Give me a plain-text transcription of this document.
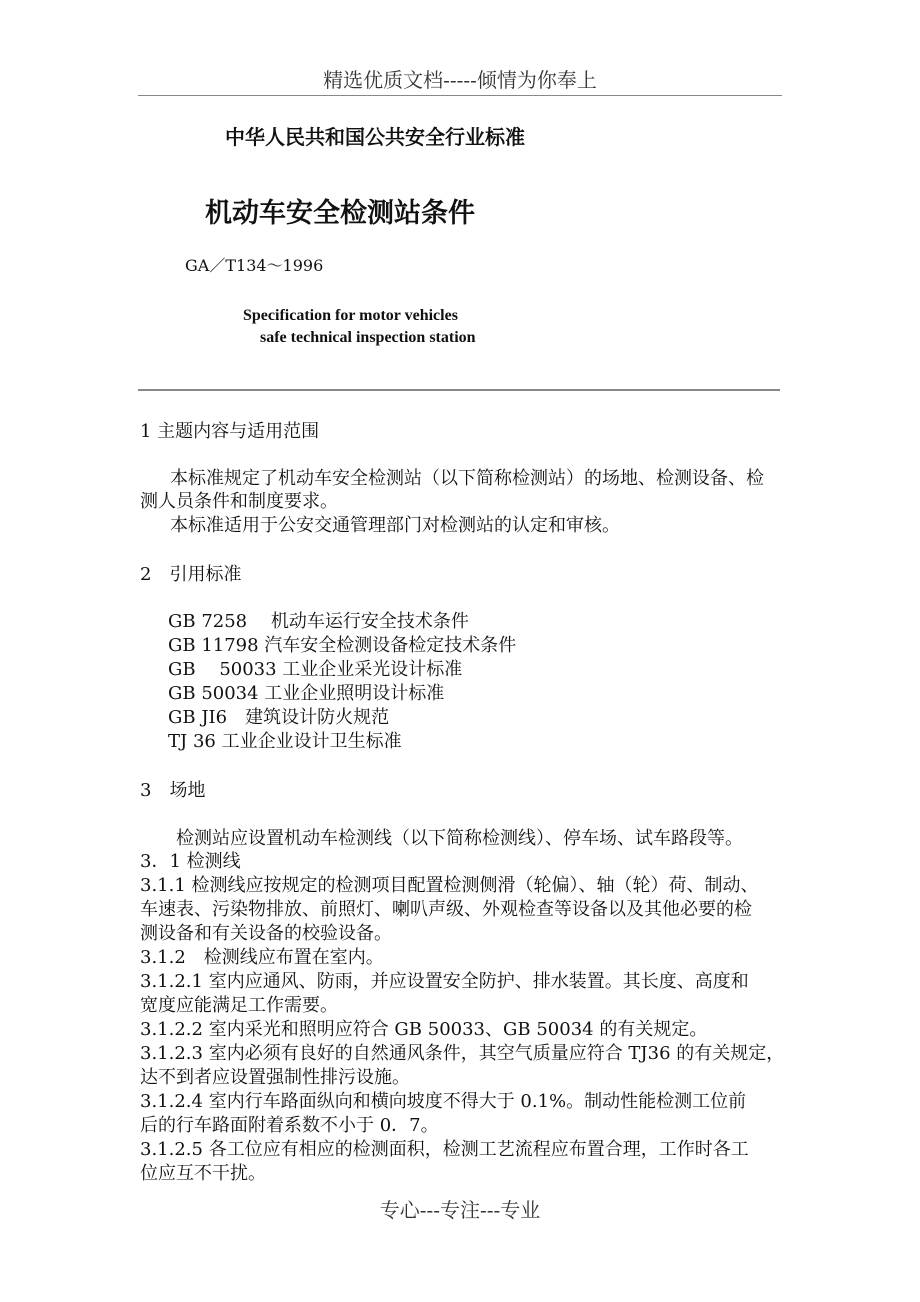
精选优质文档-----倾情为你奉上
中华人民共和国公共安全行业标准
机动车安全检测站条件
GA／T134～1996
Specification for motor vehicles
safe technical inspection station
1 主题内容与适用范围
本标准规定了机动车安全检测站（以下简称检测站）的场地、检测设备、检
测人员条件和制度要求。
本标准适用于公安交通管理部门对检测站的认定和审核。
2　引用标准
GB 7258　 机动车运行安全技术条件
GB 11798 汽车安全检测设备检定技术条件
GB　 50033 工业企业采光设计标准
GB 50034 工业企业照明设计标准
GB JI6　建筑设计防火规范
TJ 36 工业企业设计卫生标准
3　场地
检测站应设置机动车检测线（以下简称检测线）、停车场、试车路段等。
3．1 检测线
3.1.1 检测线应按规定的检测项目配置检测侧滑（轮偏）、轴（轮）荷、制动、
车速表、污染物排放、前照灯、喇叭声级、外观检查等设备以及其他必要的检
测设备和有关设备的校验设备。
3.1.2　检测线应布置在室内。
3.1.2.1 室内应通风、防雨，并应设置安全防护、排水装置。其长度、高度和
宽度应能满足工作需要。
3.1.2.2 室内采光和照明应符合 GB 50033、GB 50034 的有关规定。
3.1.2.3 室内必须有良好的自然通风条件，其空气质量应符合 TJ36 的有关规定，
达不到者应设置强制性排污设施。
3.1.2.4 室内行车路面纵向和横向坡度不得大于 0.1%。制动性能检测工位前
后的行车路面附着系数不小于 0．7。
3.1.2.5 各工位应有相应的检测面积，检测工艺流程应布置合理，工作时各工
位应互不干扰。
专心---专注---专业
